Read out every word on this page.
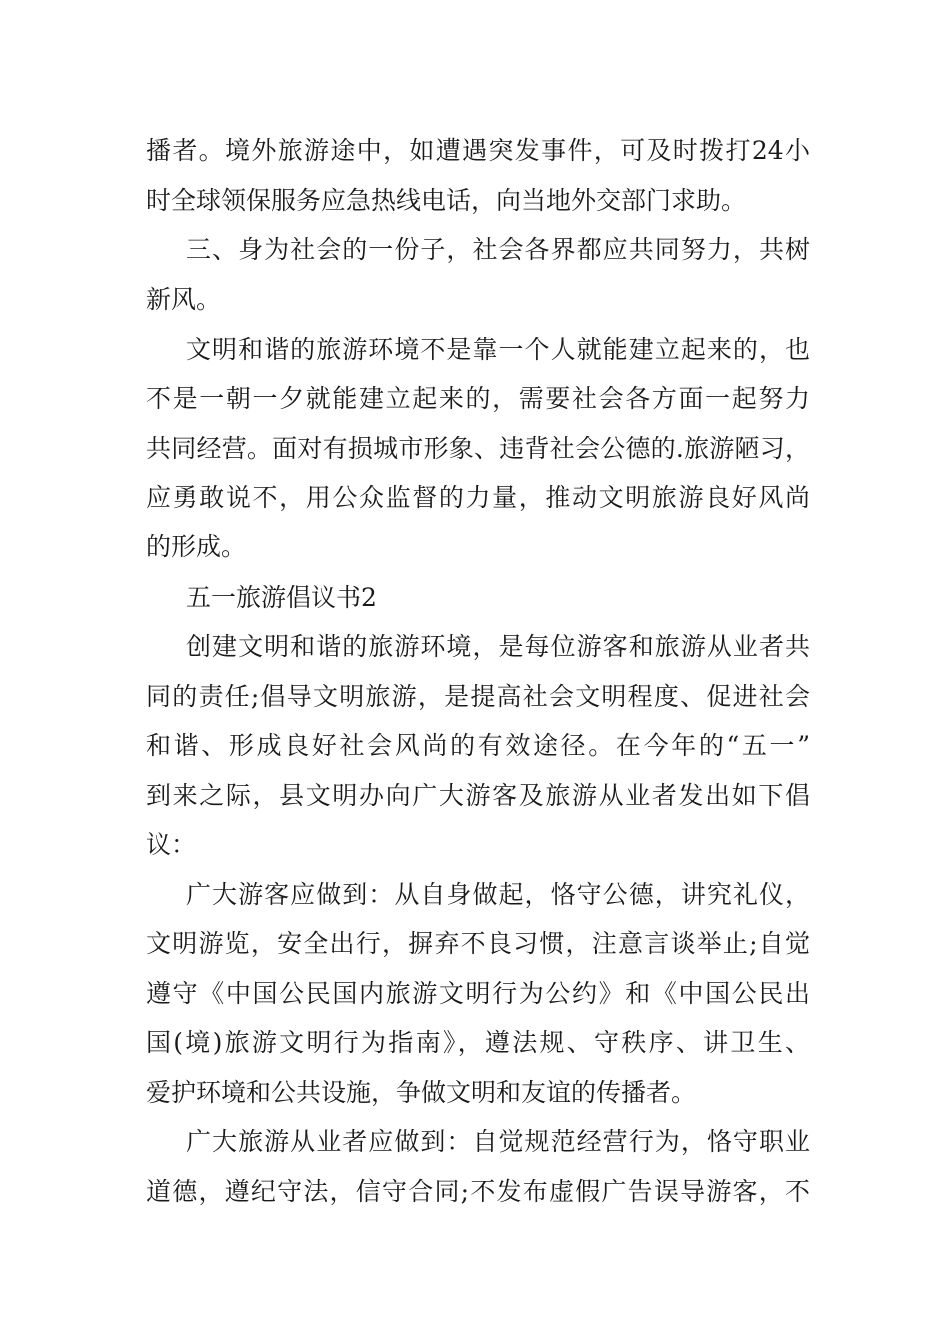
播者。境外旅游途中，如遭遇突发事件，可及时拨打24小
时全球领保服务应急热线电话，向当地外交部门求助。
三、身为社会的一份子，社会各界都应共同努力，共树
新风。
文明和谐的旅游环境不是靠一个人就能建立起来的，也
不是一朝一夕就能建立起来的，需要社会各方面一起努力
共同经营。面对有损城市形象、违背社会公德的.旅游陋习，
应勇敢说不，用公众监督的力量，推动文明旅游良好风尚
的形成。
五一旅游倡议书2
创建文明和谐的旅游环境，是每位游客和旅游从业者共
同的责任;倡导文明旅游，是提高社会文明程度、促进社会
和谐、形成良好社会风尚的有效途径。在今年的“五一”
到来之际，县文明办向广大游客及旅游从业者发出如下倡
议：
广大游客应做到：从自身做起，恪守公德，讲究礼仪，
文明游览，安全出行，摒弃不良习惯，注意言谈举止;自觉
遵守《中国公民国内旅游文明行为公约》和《中国公民出
国(境)旅游文明行为指南》，遵法规、守秩序、讲卫生、
爱护环境和公共设施，争做文明和友谊的传播者。
广大旅游从业者应做到：自觉规范经营行为，恪守职业
道德，遵纪守法，信守合同;不发布虚假广告误导游客，不
